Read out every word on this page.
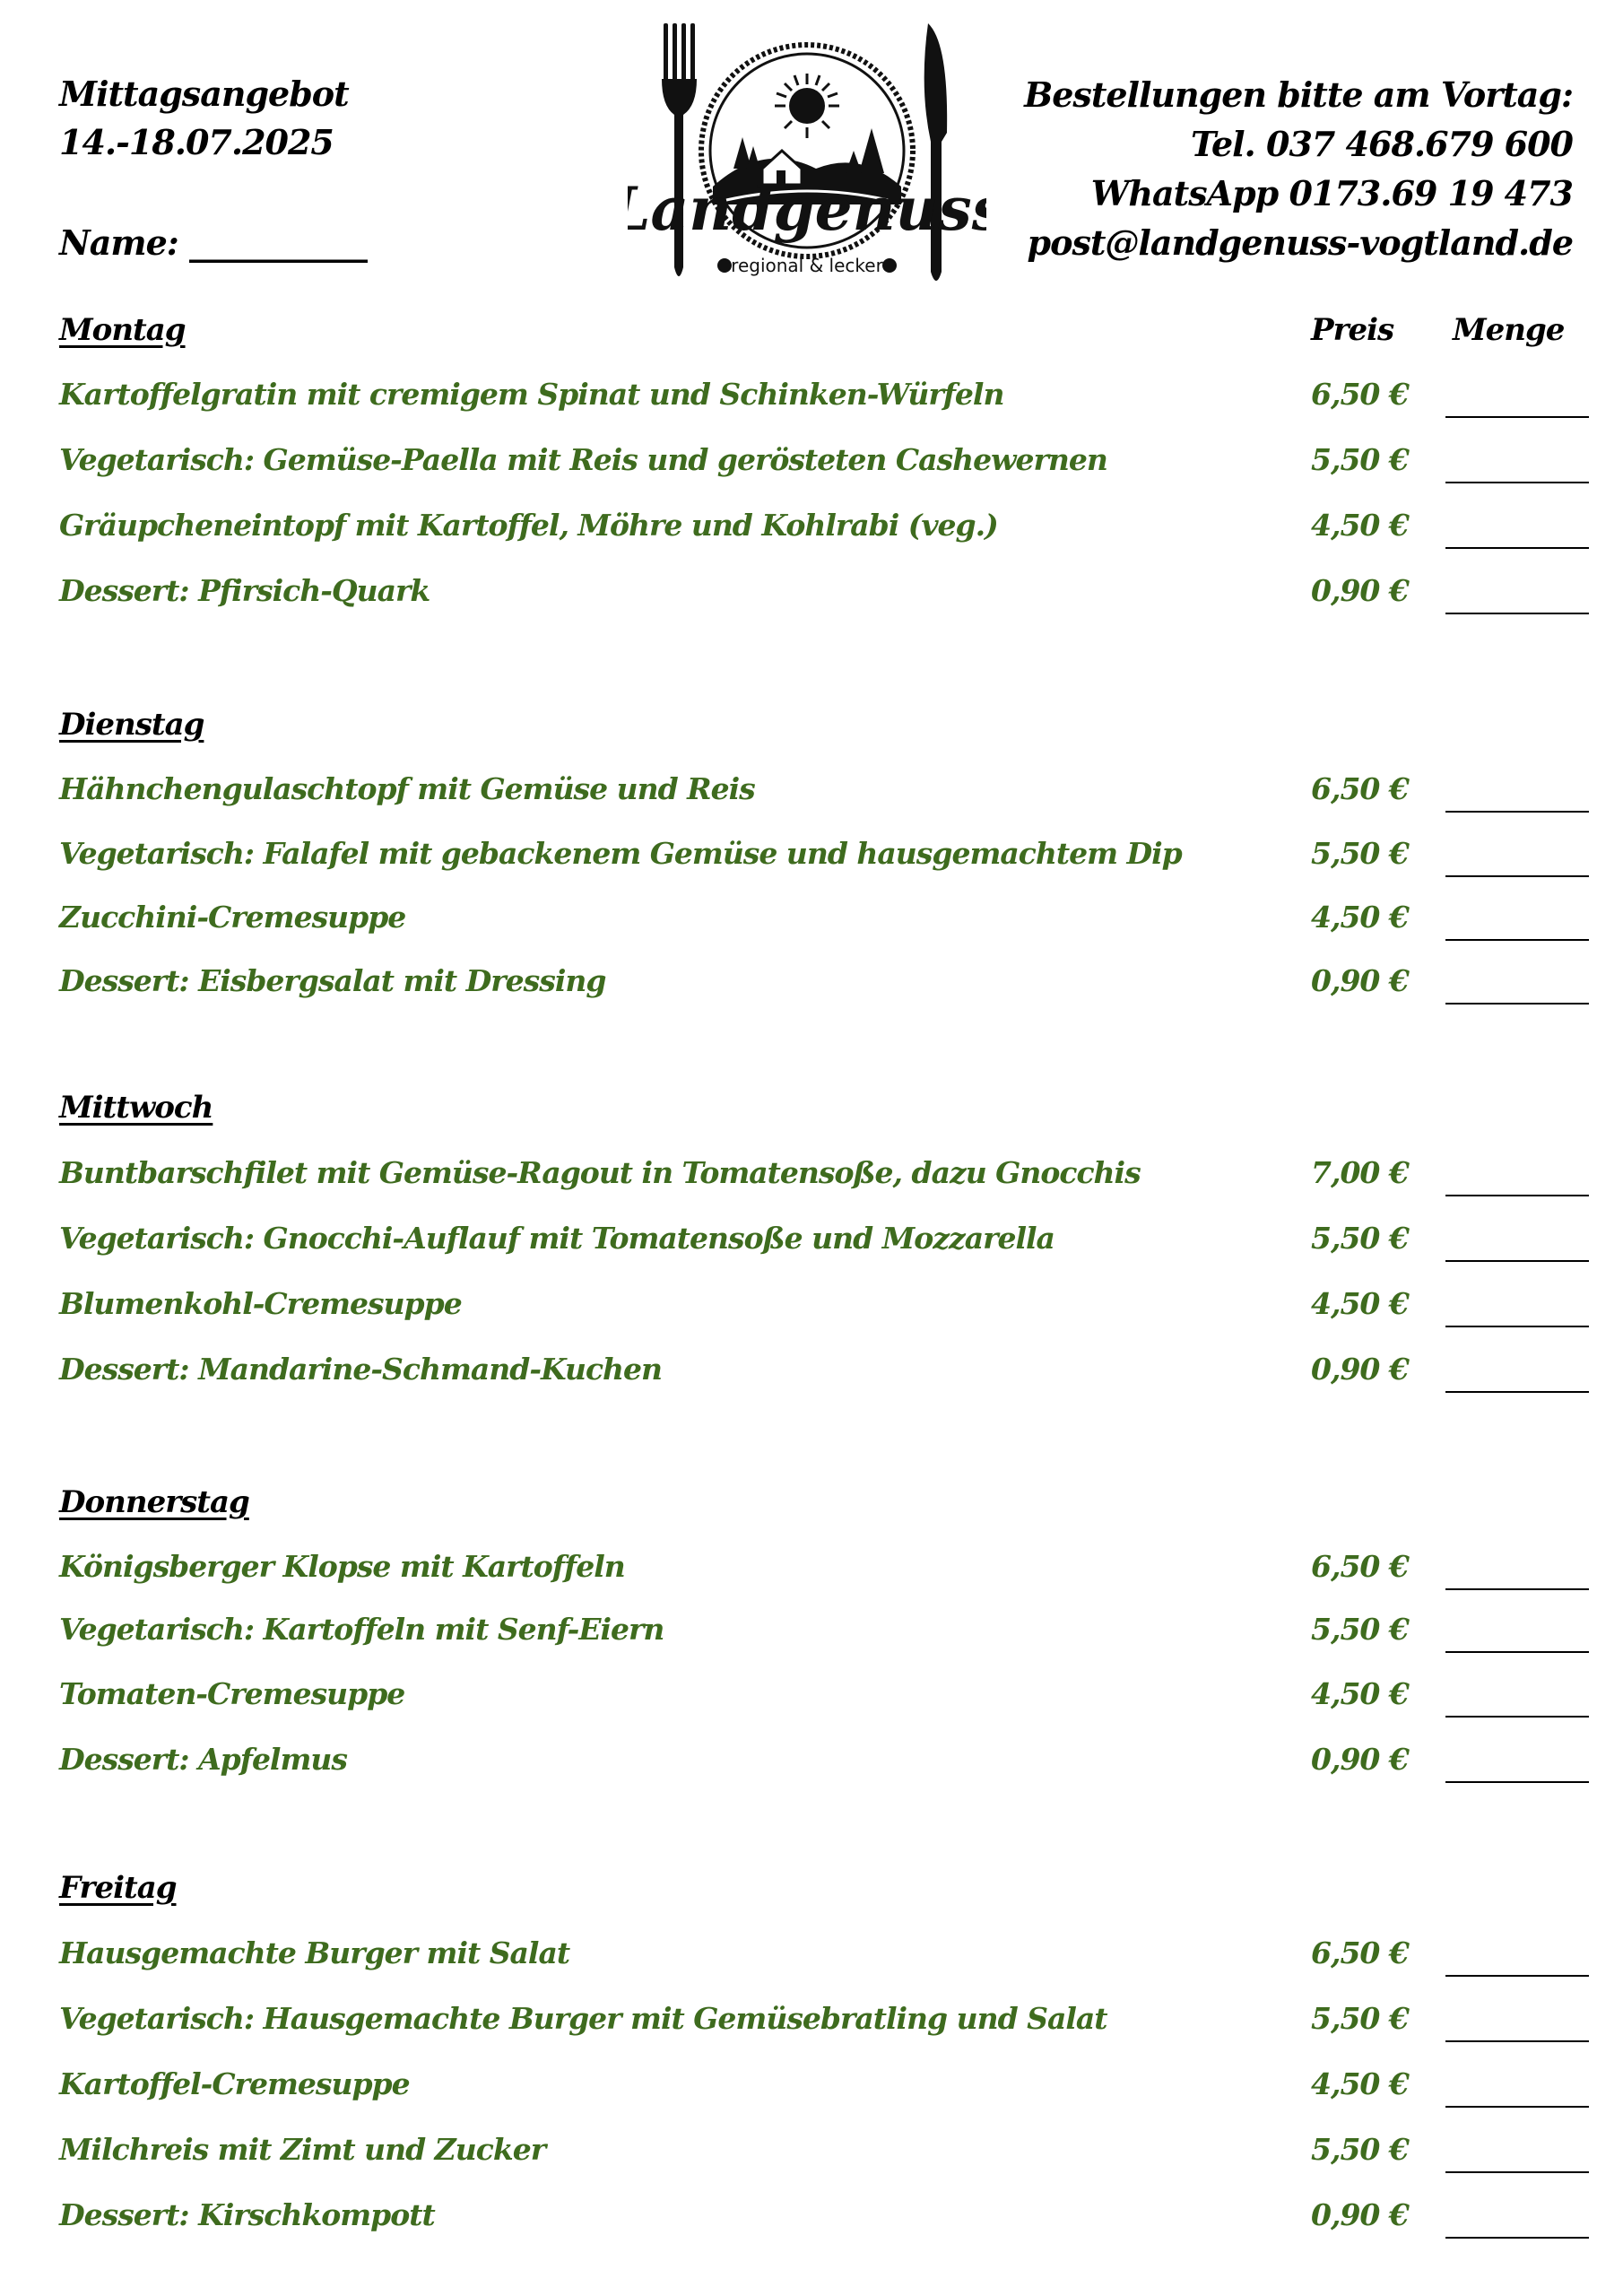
Mittagsangebot
14.-18.07.2025
Name: ___________	Landgenuss
regional & lecker
Bestellungen bitte am Vortag:
Tel. 037 468.679 600
WhatsApp 0173.69 19 473
post@landgenuss-vogtland.de
Preis Menge
Montag
Kartoffelgratin mit cremigem Spinat und Schinken-Würfeln	6,50 €
Vegetarisch: Gemüse-Paella mit Reis und gerösteten Cashewernen	5,50 €
Gräupcheneintopf mit Kartoffel, Möhre und Kohlrabi (veg.)	4,50 €
Dessert: Pfirsich-Quark	0,90 €
Dienstag
Hähnchengulaschtopf mit Gemüse und Reis	6,50 €
Vegetarisch: Falafel mit gebackenem Gemüse und hausgemachtem Dip	5,50 €
Zucchini-Cremesuppe	4,50 €
Dessert: Eisbergsalat mit Dressing	0,90 €
Mittwoch
Buntbarschfilet mit Gemüse-Ragout in Tomatensoße, dazu Gnocchis	7,00 €
Vegetarisch: Gnocchi-Auflauf mit Tomatensoße und Mozzarella	5,50 €
Blumenkohl-Cremesuppe	4,50 €
Dessert: Mandarine-Schmand-Kuchen	0,90 €
Donnerstag
Königsberger Klopse mit Kartoffeln	6,50 €
Vegetarisch: Kartoffeln mit Senf-Eiern	5,50 €
Tomaten-Cremesuppe	4,50 €
Dessert: Apfelmus	0,90 €
Freitag
Hausgemachte Burger mit Salat	6,50 €
Vegetarisch: Hausgemachte Burger mit Gemüsebratling und Salat	5,50 €
Kartoffel-Cremesuppe	4,50 €
Milchreis mit Zimt und Zucker	5,50 €
Dessert: Kirschkompott	0,90 €
